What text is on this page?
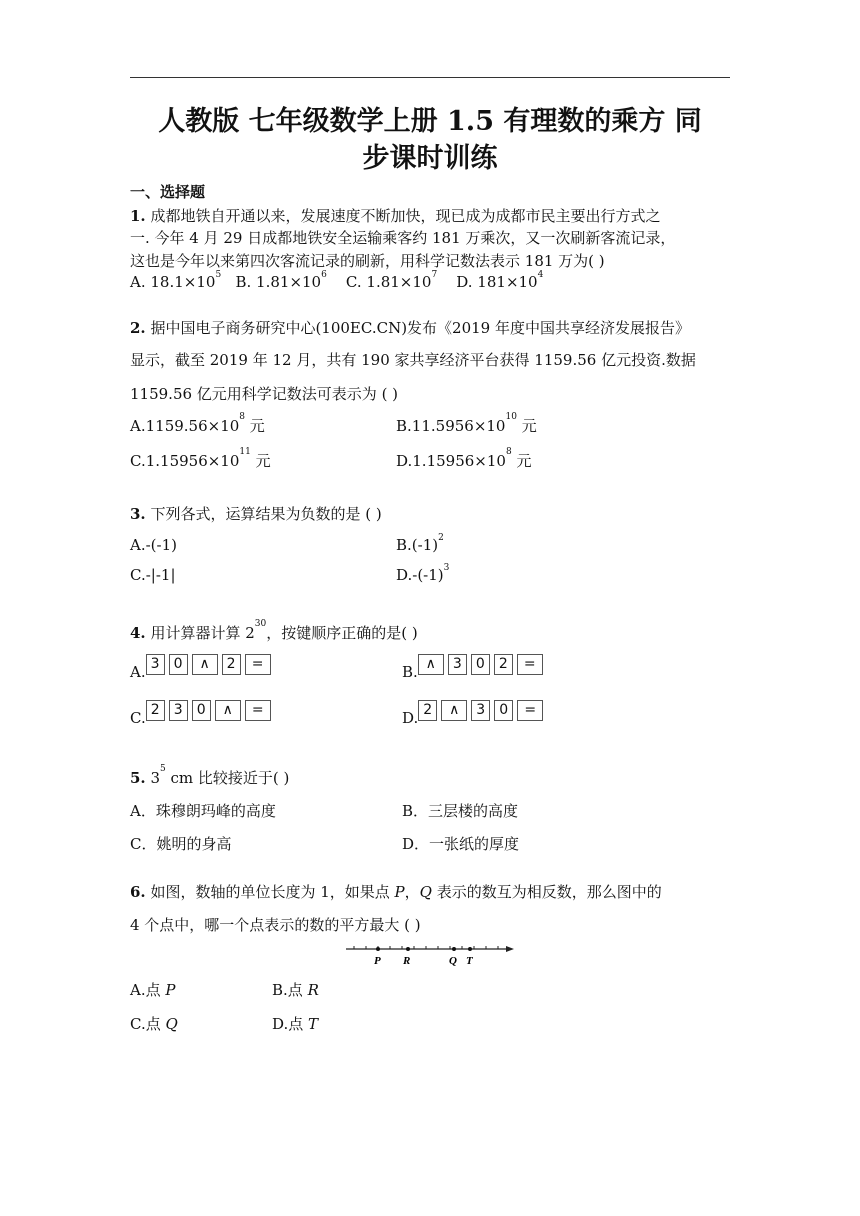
人教版 七年级数学上册 1.5 有理数的乘方 同
步课时训练
一、选择题
1. 成都地铁自开通以来，发展速度不断加快，现已成为成都市民主要出行方式之
一. 今年 4 月 29 日成都地铁安全运输乘客约 181 万乘次，又一次刷新客流记录，
这也是今年以来第四次客流记录的刷新，用科学记数法表示 181 万为( )
A. $18.1\times 10^5$ B. $1.81\times 10^6$ C. $1.81\times 10^7$ D. $181\times 10^4$
2. 据中国电子商务研究中心(100EC.CN)发布《2019 年度中国共享经济发展报告》
显示，截至 2019 年 12 月，共有 190 家共享经济平台获得 1159.56 亿元投资.数据
1159.56 亿元用科学记数法可表示为 ( )
$A.1159.56\times 10^8$ 元	$B.11.5956\times 10^{10}$ 元
$C.1.15956\times 10^{11}$ 元	$D.1.15956\times 10^8$ 元
3. 下列各式，运算结果为负数的是 ( )
A.-(-1)	$B.(-1)^2$
C.-|-1|	$D.-(-1)^3$
4. 用计算器计算 $2^{30}$，按键顺序正确的是( )
A. 3 0 ∧ 2 =	B. ∧ 3 0 2 =
C. 2 3 0 ∧ =	D. 2 ∧ 3 0 =
5. $3^5$ cm 比较接近于( )
A．珠穆朗玛峰的高度	B．三层楼的高度
C．姚明的身高	D．一张纸的厚度
6. 如图，数轴的单位长度为 1，如果点 P，Q 表示的数互为相反数，那么图中的
4 个点中，哪一个点表示的数的平方最大 ( )
P R	Q T
A.点 P	B.点 R
C.点 Q	D.点 T
